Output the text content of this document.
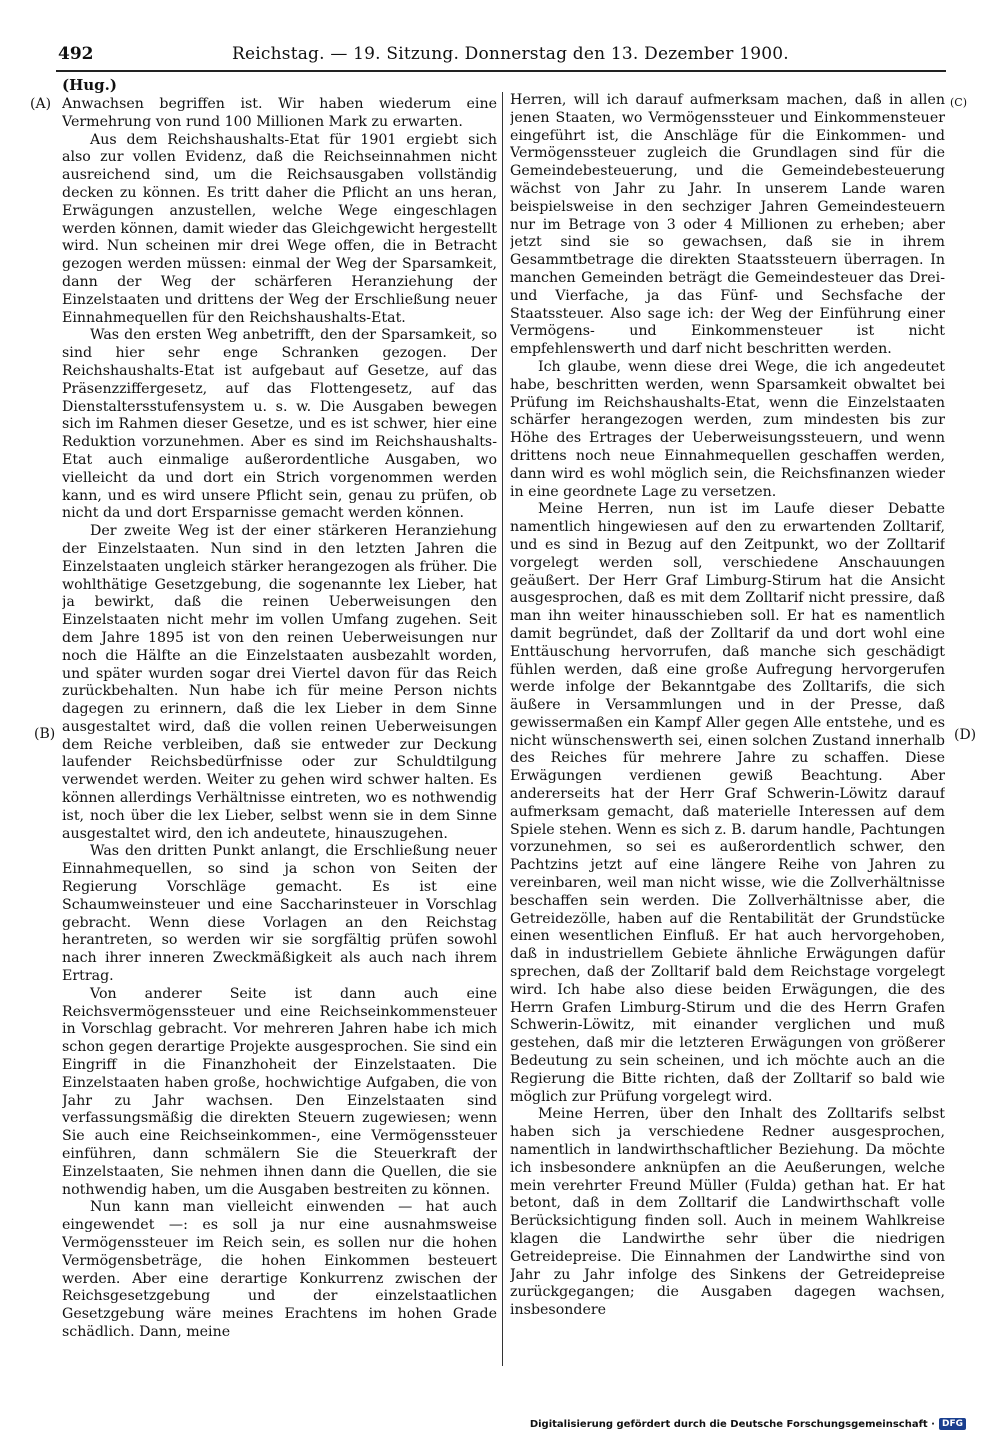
492	Reichstag. — 19. Sitzung. Donnerstag den 13. Dezember 1900.
(Hug.)
(A)
(B)
(C)
(D)

Anwachsen begriffen ist. Wir haben wiederum eine Vermehrung von rund 100 Millionen Mark zu erwarten.

Aus dem Reichshaushalts-Etat für 1901 ergiebt sich also zur vollen Evidenz, daß die Reichseinnahmen nicht ausreichend sind, um die Reichsausgaben vollständig decken zu können. Es tritt daher die Pflicht an uns heran, Erwägungen anzustellen, welche Wege eingeschlagen werden können, damit wieder das Gleichgewicht hergestellt wird. Nun scheinen mir drei Wege offen, die in Betracht gezogen werden müssen: einmal der Weg der Sparsamkeit, dann der Weg der schärferen Heranziehung der Einzelstaaten und drittens der Weg der Erschließung neuer Einnahmequellen für den Reichshaushalts-Etat.

Was den ersten Weg anbetrifft, den der Sparsamkeit, so sind hier sehr enge Schranken gezogen. Der Reichshaushalts-Etat ist aufgebaut auf Gesetze, auf das Präsenzziffergesetz, auf das Flottengesetz, auf das Dienstaltersstufensystem u. s. w. Die Ausgaben bewegen sich im Rahmen dieser Gesetze, und es ist schwer, hier eine Reduktion vorzunehmen. Aber es sind im Reichshaushalts-Etat auch einmalige außerordentliche Ausgaben, wo vielleicht da und dort ein Strich vorgenommen werden kann, und es wird unsere Pflicht sein, genau zu prüfen, ob nicht da und dort Ersparnisse gemacht werden können.

Der zweite Weg ist der einer stärkeren Heranziehung der Einzelstaaten. Nun sind in den letzten Jahren die Einzelstaaten ungleich stärker herangezogen als früher. Die wohlthätige Gesetzgebung, die sogenannte lex Lieber, hat ja bewirkt, daß die reinen Ueberweisungen den Einzelstaaten nicht mehr im vollen Umfang zugehen. Seit dem Jahre 1895 ist von den reinen Ueberweisungen nur noch die Hälfte an die Einzelstaaten ausbezahlt worden, und später wurden sogar drei Viertel davon für das Reich zurückbehalten. Nun habe ich für meine Person nichts dagegen zu erinnern, daß die lex Lieber in dem Sinne ausgestaltet wird, daß die vollen reinen Ueberweisungen dem Reiche verbleiben, daß sie entweder zur Deckung laufender Reichsbedürfnisse oder zur Schuldtilgung verwendet werden. Weiter zu gehen wird schwer halten. Es können allerdings Verhältnisse eintreten, wo es nothwendig ist, noch über die lex Lieber, selbst wenn sie in dem Sinne ausgestaltet wird, den ich andeutete, hinauszugehen.

Was den dritten Punkt anlangt, die Erschließung neuer Einnahmequellen, so sind ja schon von Seiten der Regierung Vorschläge gemacht. Es ist eine Schaumweinsteuer und eine Saccharinsteuer in Vorschlag gebracht. Wenn diese Vorlagen an den Reichstag herantreten, so werden wir sie sorgfältig prüfen sowohl nach ihrer inneren Zweckmäßigkeit als auch nach ihrem Ertrag.

Von anderer Seite ist dann auch eine Reichsvermögenssteuer und eine Reichseinkommensteuer in Vorschlag gebracht. Vor mehreren Jahren habe ich mich schon gegen derartige Projekte ausgesprochen. Sie sind ein Eingriff in die Finanzhoheit der Einzelstaaten. Die Einzelstaaten haben große, hochwichtige Aufgaben, die von Jahr zu Jahr wachsen. Den Einzelstaaten sind verfassungsmäßig die direkten Steuern zugewiesen; wenn Sie auch eine Reichseinkommen-, eine Vermögenssteuer einführen, dann schmälern Sie die Steuerkraft der Einzelstaaten, Sie nehmen ihnen dann die Quellen, die sie nothwendig haben, um die Ausgaben bestreiten zu können.

Nun kann man vielleicht einwenden — hat auch eingewendet —: es soll ja nur eine ausnahmsweise Vermögenssteuer im Reich sein, es sollen nur die hohen Vermögensbeträge, die hohen Einkommen besteuert werden. Aber eine derartige Konkurrenz zwischen der Reichsgesetzgebung und der einzelstaatlichen Gesetzgebung wäre meines Erachtens im hohen Grade schädlich. Dann, meine

Herren, will ich darauf aufmerksam machen, daß in allen jenen Staaten, wo Vermögenssteuer und Einkommensteuer eingeführt ist, die Anschläge für die Einkommen- und Vermögenssteuer zugleich die Grundlagen sind für die Gemeindebesteuerung, und die Gemeindebesteuerung wächst von Jahr zu Jahr. In unserem Lande waren beispielsweise in den sechziger Jahren Gemeindesteuern nur im Betrage von 3 oder 4 Millionen zu erheben; aber jetzt sind sie so gewachsen, daß sie in ihrem Gesammtbetrage die direkten Staatssteuern überragen. In manchen Gemeinden beträgt die Gemeindesteuer das Drei- und Vierfache, ja das Fünf- und Sechsfache der Staatssteuer. Also sage ich: der Weg der Einführung einer Vermögens- und Einkommensteuer ist nicht empfehlenswerth und darf nicht beschritten werden.

Ich glaube, wenn diese drei Wege, die ich angedeutet habe, beschritten werden, wenn Sparsamkeit obwaltet bei Prüfung im Reichshaushalts-Etat, wenn die Einzelstaaten schärfer herangezogen werden, zum mindesten bis zur Höhe des Ertrages der Ueberweisungssteuern, und wenn drittens noch neue Einnahmequellen geschaffen werden, dann wird es wohl möglich sein, die Reichsfinanzen wieder in eine geordnete Lage zu versetzen.

Meine Herren, nun ist im Laufe dieser Debatte namentlich hingewiesen auf den zu erwartenden Zolltarif, und es sind in Bezug auf den Zeitpunkt, wo der Zolltarif vorgelegt werden soll, verschiedene Anschauungen geäußert. Der Herr Graf Limburg-Stirum hat die Ansicht ausgesprochen, daß es mit dem Zolltarif nicht pressire, daß man ihn weiter hinausschieben soll. Er hat es namentlich damit begründet, daß der Zolltarif da und dort wohl eine Enttäuschung hervorrufen, daß manche sich geschädigt fühlen werden, daß eine große Aufregung hervorgerufen werde infolge der Bekanntgabe des Zolltarifs, die sich äußere in Versammlungen und in der Presse, daß gewissermaßen ein Kampf Aller gegen Alle entstehe, und es nicht wünschenswerth sei, einen solchen Zustand innerhalb des Reiches für mehrere Jahre zu schaffen. Diese Erwägungen verdienen gewiß Beachtung. Aber andererseits hat der Herr Graf Schwerin-Löwitz darauf aufmerksam gemacht, daß materielle Interessen auf dem Spiele stehen. Wenn es sich z. B. darum handle, Pachtungen vorzunehmen, so sei es außerordentlich schwer, den Pachtzins jetzt auf eine längere Reihe von Jahren zu vereinbaren, weil man nicht wisse, wie die Zollverhältnisse beschaffen sein werden. Die Zollverhältnisse aber, die Getreidezölle, haben auf die Rentabilität der Grundstücke einen wesentlichen Einfluß. Er hat auch hervorgehoben, daß in industriellem Gebiete ähnliche Erwägungen dafür sprechen, daß der Zolltarif bald dem Reichstage vorgelegt wird. Ich habe also diese beiden Erwägungen, die des Herrn Grafen Limburg-Stirum und die des Herrn Grafen Schwerin-Löwitz, mit einander verglichen und muß gestehen, daß mir die letzteren Erwägungen von größerer Bedeutung zu sein scheinen, und ich möchte auch an die Regierung die Bitte richten, daß der Zolltarif so bald wie möglich zur Prüfung vorgelegt wird.

Meine Herren, über den Inhalt des Zolltarifs selbst haben sich ja verschiedene Redner ausgesprochen, namentlich in landwirthschaftlicher Beziehung. Da möchte ich insbesondere anknüpfen an die Aeußerungen, welche mein verehrter Freund Müller (Fulda) gethan hat. Er hat betont, daß in dem Zolltarif die Landwirthschaft volle Berücksichtigung finden soll. Auch in meinem Wahlkreise klagen die Landwirthe sehr über die niedrigen Getreidepreise. Die Einnahmen der Landwirthe sind von Jahr zu Jahr infolge des Sinkens der Getreidepreise zurückgegangen; die Ausgaben dagegen wachsen, insbesondere

Digitalisierung gefördert durch die Deutsche Forschungsgemeinschaft · DFG
